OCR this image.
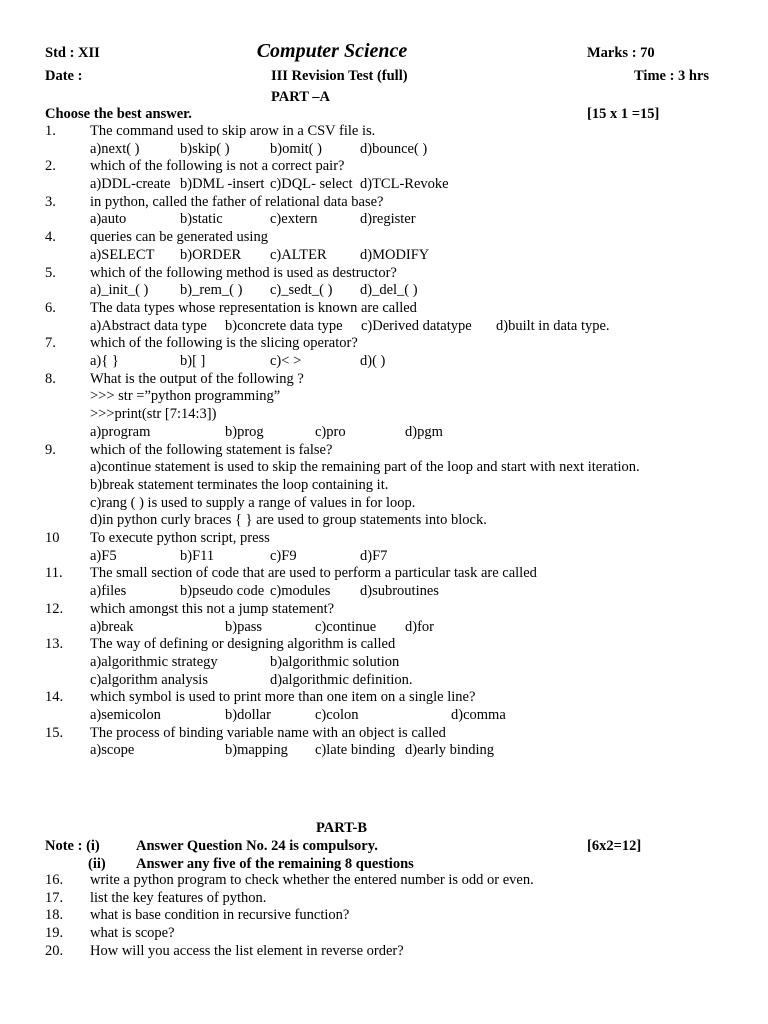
Std : XII	Computer Science	Marks : 70
Date :	III Revision Test (full)	Time : 3 hrs
PART –A
Choose the best answer.	[15 x 1 =15]
1.	The command used to skip arow in a CSV file is.
a)next( )	b)skip( )	b)omit( )	d)bounce( )
2.	which of the following is not a correct pair?
a)DDL-create b)DML -insert c)DQL- select d)TCL-Revoke
3.	in python, called the father of relational data base?
a)auto	b)static	c)extern	d)register
4.	queries can be generated using
a)SELECT b)ORDER c)ALTER d)MODIFY
5.	which of the following method is used as destructor?
a)_init_( ) b)_rem_( ) c)_sedt_( ) d)_del_( )
6.	The data types whose representation is known are called
a)Abstract data type b)concrete data type c)Derived datatype d)built in data type.
7.	which of the following is the slicing operator?
a){ }	b)[ ]	c)< >	d)( )
8.	What is the output of the following ?
>>> str =”python programming”
>>>print(str [7:14:3])
a)program	b)prog	c)pro	d)pgm
9.	which of the following statement is false?
a)continue statement is used to skip the remaining part of the loop and start with next iteration.
b)break statement terminates the loop containing it.
c)rang ( ) is used to supply a range of values in for loop.
d)in python curly braces { } are used to group statements into block.
10	To execute python script, press
a)F5	b)F11	c)F9	d)F7
11.	The small section of code that are used to perform a particular task are called
a)files	b)pseudo code c)modules d)subroutines
12.	which amongst this not a jump statement?
a)break	b)pass	c)continue d)for
13.	The way of defining or designing algorithm is called
a)algorithmic strategy	b)algorithmic solution
c)algorithm analysis	d)algorithmic definition.
14.	which symbol is used to print more than one item on a single line?
a)semicolon	b)dollar	c)colon	d)comma
15.	The process of binding variable name with an object is called
a)scope	b)mapping c)late binding d)early binding
PART-B
Note : (i) Answer Question No. 24 is compulsory.	[6x2=12]
(ii) Answer any five of the remaining 8 questions
16.	write a python program to check whether the entered number is odd or even.
17.	list the key features of python.
18.	what is base condition in recursive function?
19.	what is scope?
20.	How will you access the list element in reverse order?
